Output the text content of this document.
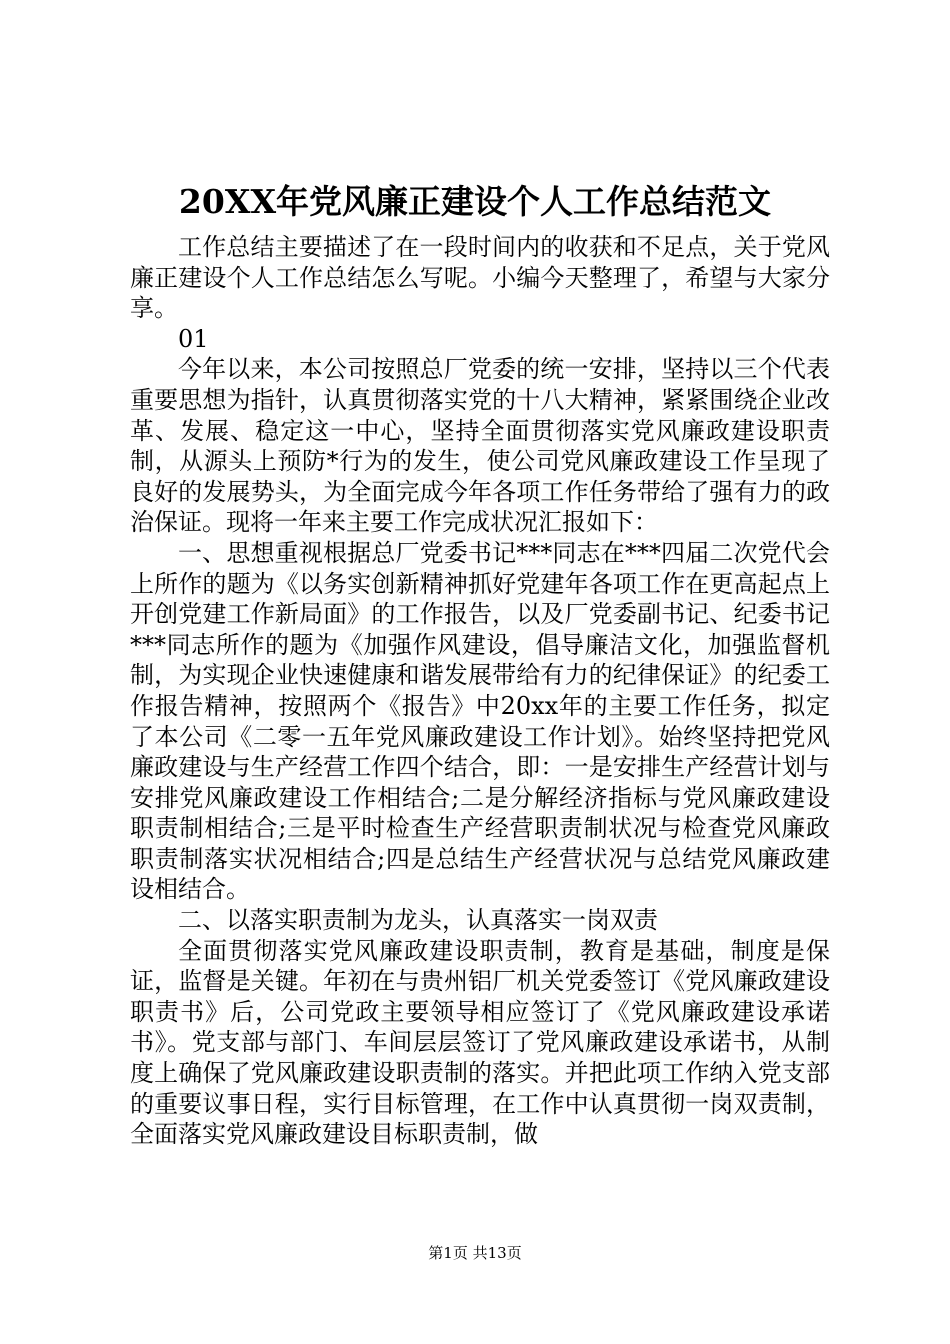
20XX年党风廉正建设个人工作总结范文

工作总结主要描述了在一段时间内的收获和不足点，关于党风廉正建设个人工作总结怎么写呢。小编今天整理了，希望与大家分享。

01

今年以来，本公司按照总厂党委的统一安排，坚持以三个代表重要思想为指针，认真贯彻落实党的十八大精神，紧紧围绕企业改革、发展、稳定这一中心，坚持全面贯彻落实党风廉政建设职责制，从源头上预防*行为的发生，使公司党风廉政建设工作呈现了良好的发展势头，为全面完成今年各项工作任务带给了强有力的政治保证。现将一年来主要工作完成状况汇报如下：

一、思想重视根据总厂党委书记***同志在***四届二次党代会上所作的题为《以务实创新精神抓好党建年各项工作在更高起点上开创党建工作新局面》的工作报告，以及厂党委副书记、纪委书记***同志所作的题为《加强作风建设，倡导廉洁文化，加强监督机制，为实现企业快速健康和谐发展带给有力的纪律保证》的纪委工作报告精神，按照两个《报告》中20xx年的主要工作任务，拟定了本公司《二零一五年党风廉政建设工作计划》。始终坚持把党风廉政建设与生产经营工作四个结合，即：一是安排生产经营计划与安排党风廉政建设工作相结合;二是分解经济指标与党风廉政建设职责制相结合;三是平时检查生产经营职责制状况与检查党风廉政职责制落实状况相结合;四是总结生产经营状况与总结党风廉政建设相结合。

二、以落实职责制为龙头，认真落实一岗双责

全面贯彻落实党风廉政建设职责制，教育是基础，制度是保证，监督是关键。年初在与贵州铝厂机关党委签订《党风廉政建设职责书》后，公司党政主要领导相应签订了《党风廉政建设承诺书》。党支部与部门、车间层层签订了党风廉政建设承诺书，从制度上确保了党风廉政建设职责制的落实。并把此项工作纳入党支部的重要议事日程，实行目标管理，在工作中认真贯彻一岗双责制，全面落实党风廉政建设目标职责制，做

第1页 共13页
